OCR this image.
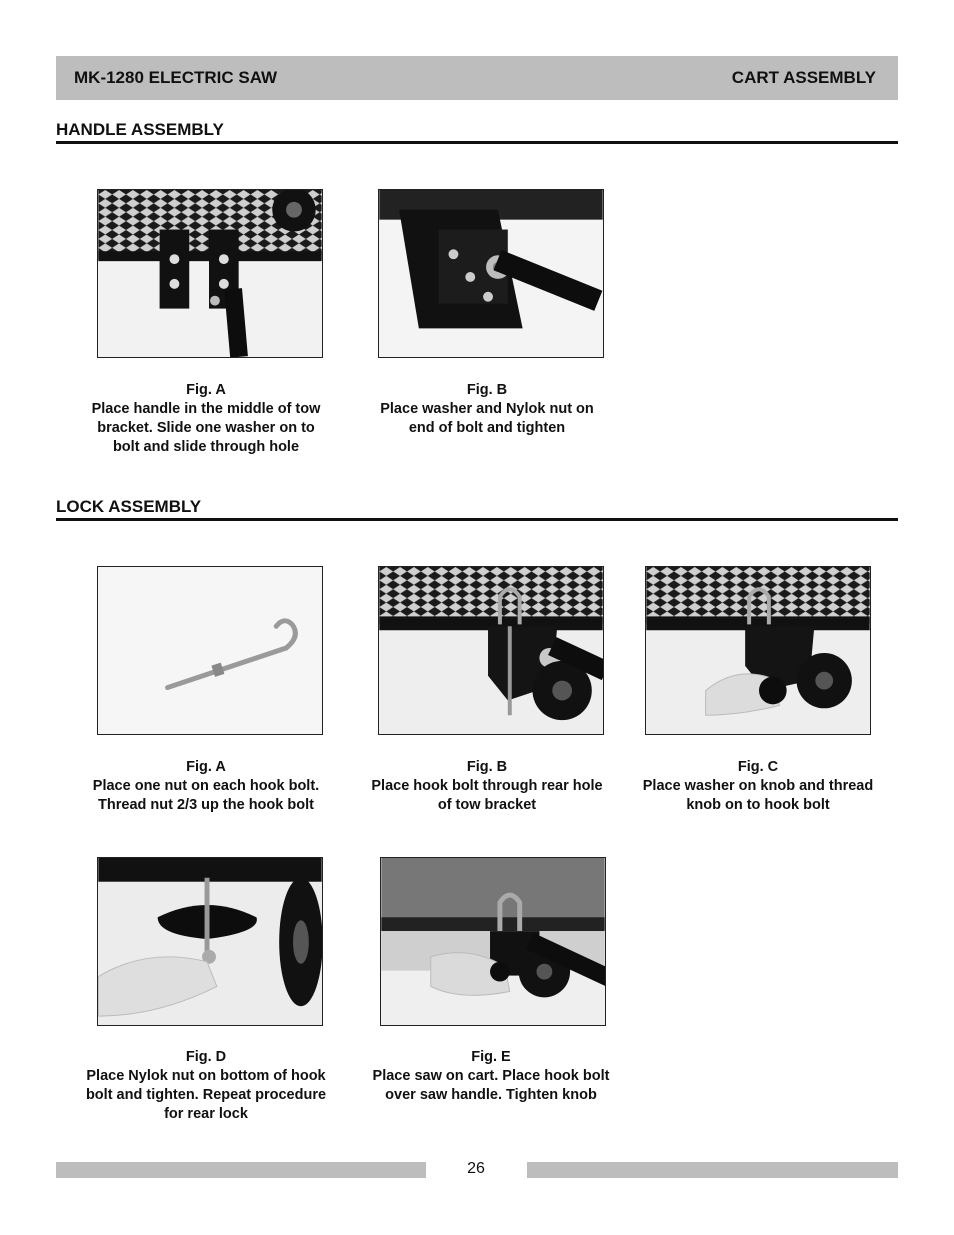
MK-1280 ELECTRIC SAW	CART ASSEMBLY
HANDLE ASSEMBLY
Fig. A
Place handle in the middle of tow
bracket. Slide one washer on to
bolt and slide through hole
Fig. B
Place washer and Nylok nut on
end of bolt and tighten
LOCK ASSEMBLY
Fig. A
Place one nut on each hook bolt.
Thread nut 2/3 up the hook bolt
Fig. B
Place hook bolt through rear hole
of tow bracket
Fig. C
Place washer on knob and thread
knob on to hook bolt
Fig. D
Place Nylok nut on bottom of hook
bolt and tighten. Repeat procedure
for rear lock
Fig. E
Place saw on cart. Place hook bolt
over saw handle. Tighten knob
26
